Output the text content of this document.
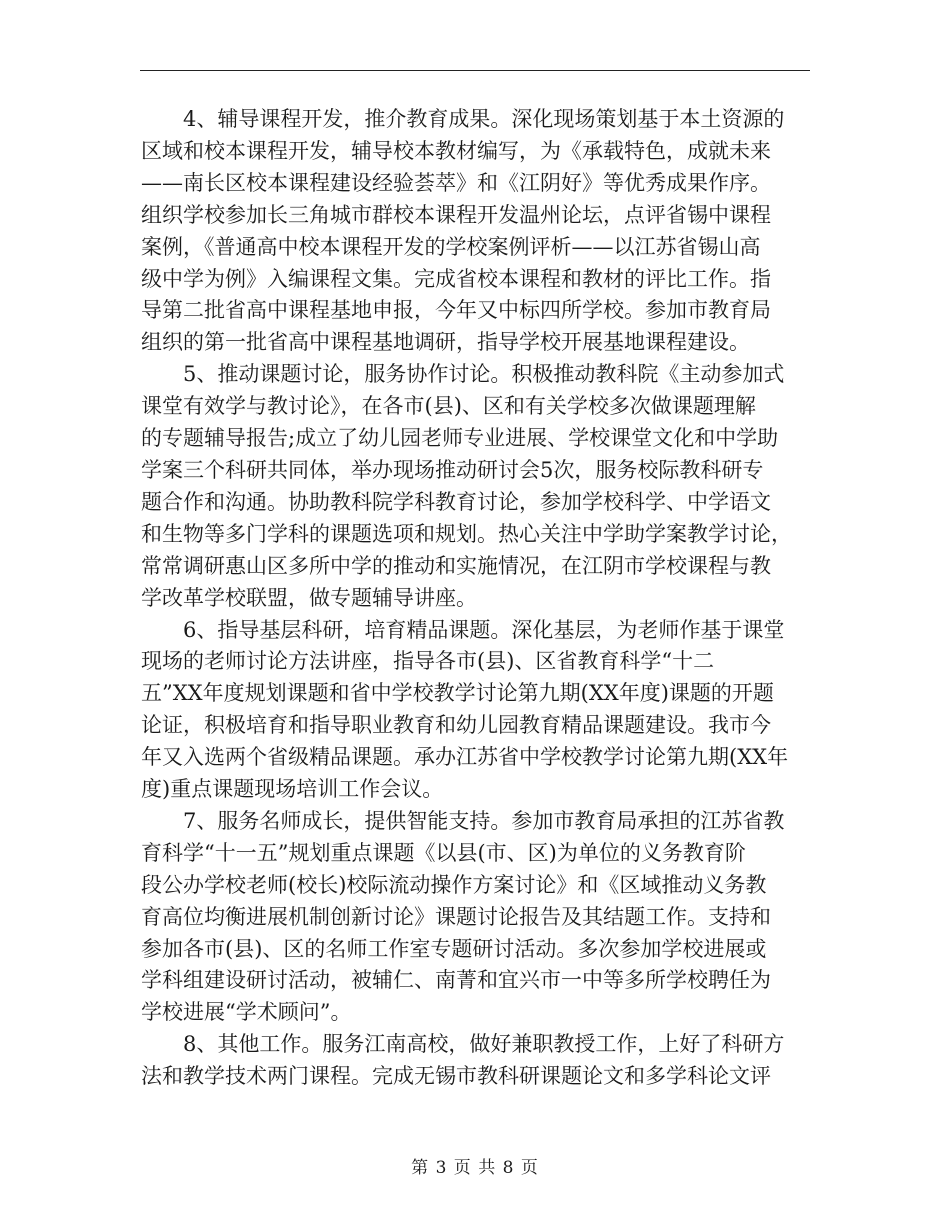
4、辅导课程开发，推介教育成果。深化现场策划基于本土资源的
区域和校本课程开发，辅导校本教材编写，为《承载特色，成就未来
——南长区校本课程建设经验荟萃》和《江阴好》等优秀成果作序。
组织学校参加长三角城市群校本课程开发温州论坛，点评省锡中课程
案例，《普通高中校本课程开发的学校案例评析——以江苏省锡山高
级中学为例》入编课程文集。完成省校本课程和教材的评比工作。指
导第二批省高中课程基地申报，今年又中标四所学校。参加市教育局
组织的第一批省高中课程基地调研，指导学校开展基地课程建设。

5、推动课题讨论，服务协作讨论。积极推动教科院《主动参加式
课堂有效学与教讨论》，在各市(县)、区和有关学校多次做课题理解
的专题辅导报告;成立了幼儿园老师专业进展、学校课堂文化和中学助
学案三个科研共同体，举办现场推动研讨会5次，服务校际教科研专
题合作和沟通。协助教科院学科教育讨论，参加学校科学、中学语文
和生物等多门学科的课题选项和规划。热心关注中学助学案教学讨论，
常常调研惠山区多所中学的推动和实施情况，在江阴市学校课程与教
学改革学校联盟，做专题辅导讲座。

6、指导基层科研，培育精品课题。深化基层，为老师作基于课堂
现场的老师讨论方法讲座，指导各市(县)、区省教育科学“十二
五”XX年度规划课题和省中学校教学讨论第九期(XX年度)课题的开题
论证，积极培育和指导职业教育和幼儿园教育精品课题建设。我市今
年又入选两个省级精品课题。承办江苏省中学校教学讨论第九期(XX年
度)重点课题现场培训工作会议。

7、服务名师成长，提供智能支持。参加市教育局承担的江苏省教
育科学“十一五”规划重点课题《以县(市、区)为单位的义务教育阶
段公办学校老师(校长)校际流动操作方案讨论》和《区域推动义务教
育高位均衡进展机制创新讨论》课题讨论报告及其结题工作。支持和
参加各市(县)、区的名师工作室专题研讨活动。多次参加学校进展或
学科组建设研讨活动，被辅仁、南菁和宜兴市一中等多所学校聘任为
学校进展“学术顾问”。

8、其他工作。服务江南高校，做好兼职教授工作，上好了科研方
法和教学技术两门课程。完成无锡市教科研课题论文和多学科论文评

第 3 页 共 8 页
